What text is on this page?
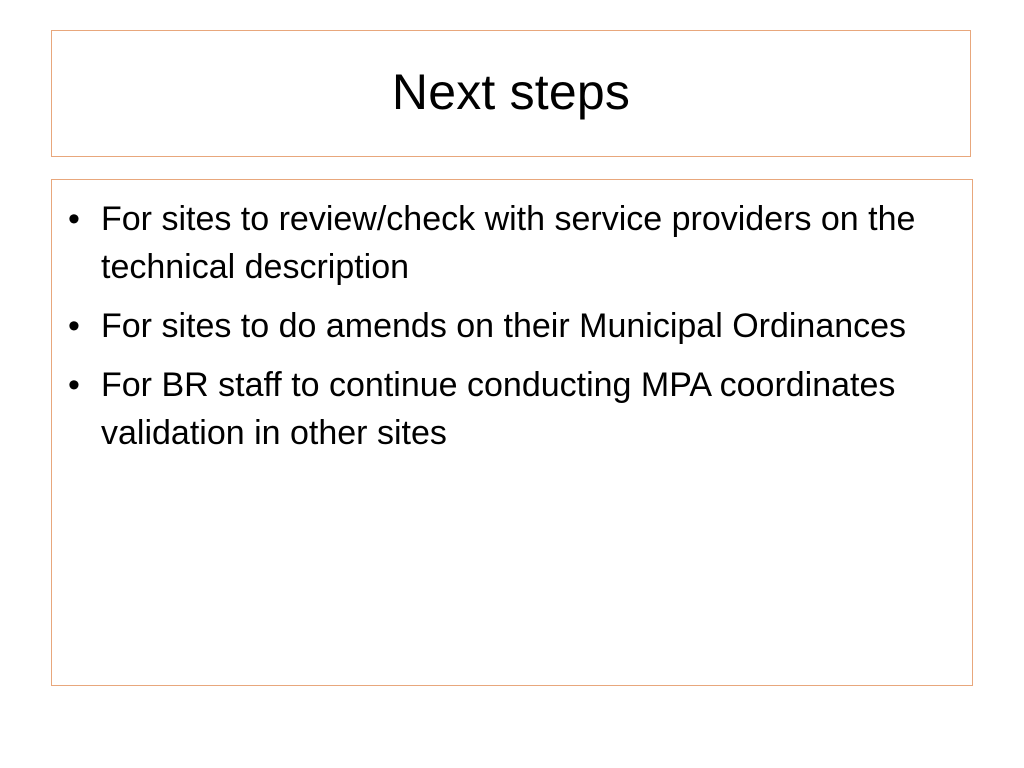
Next steps
• For sites to review/check with service providers on the technical description
• For sites to do amends on their Municipal Ordinances
• For BR staff to continue conducting MPA coordinates validation in other sites
